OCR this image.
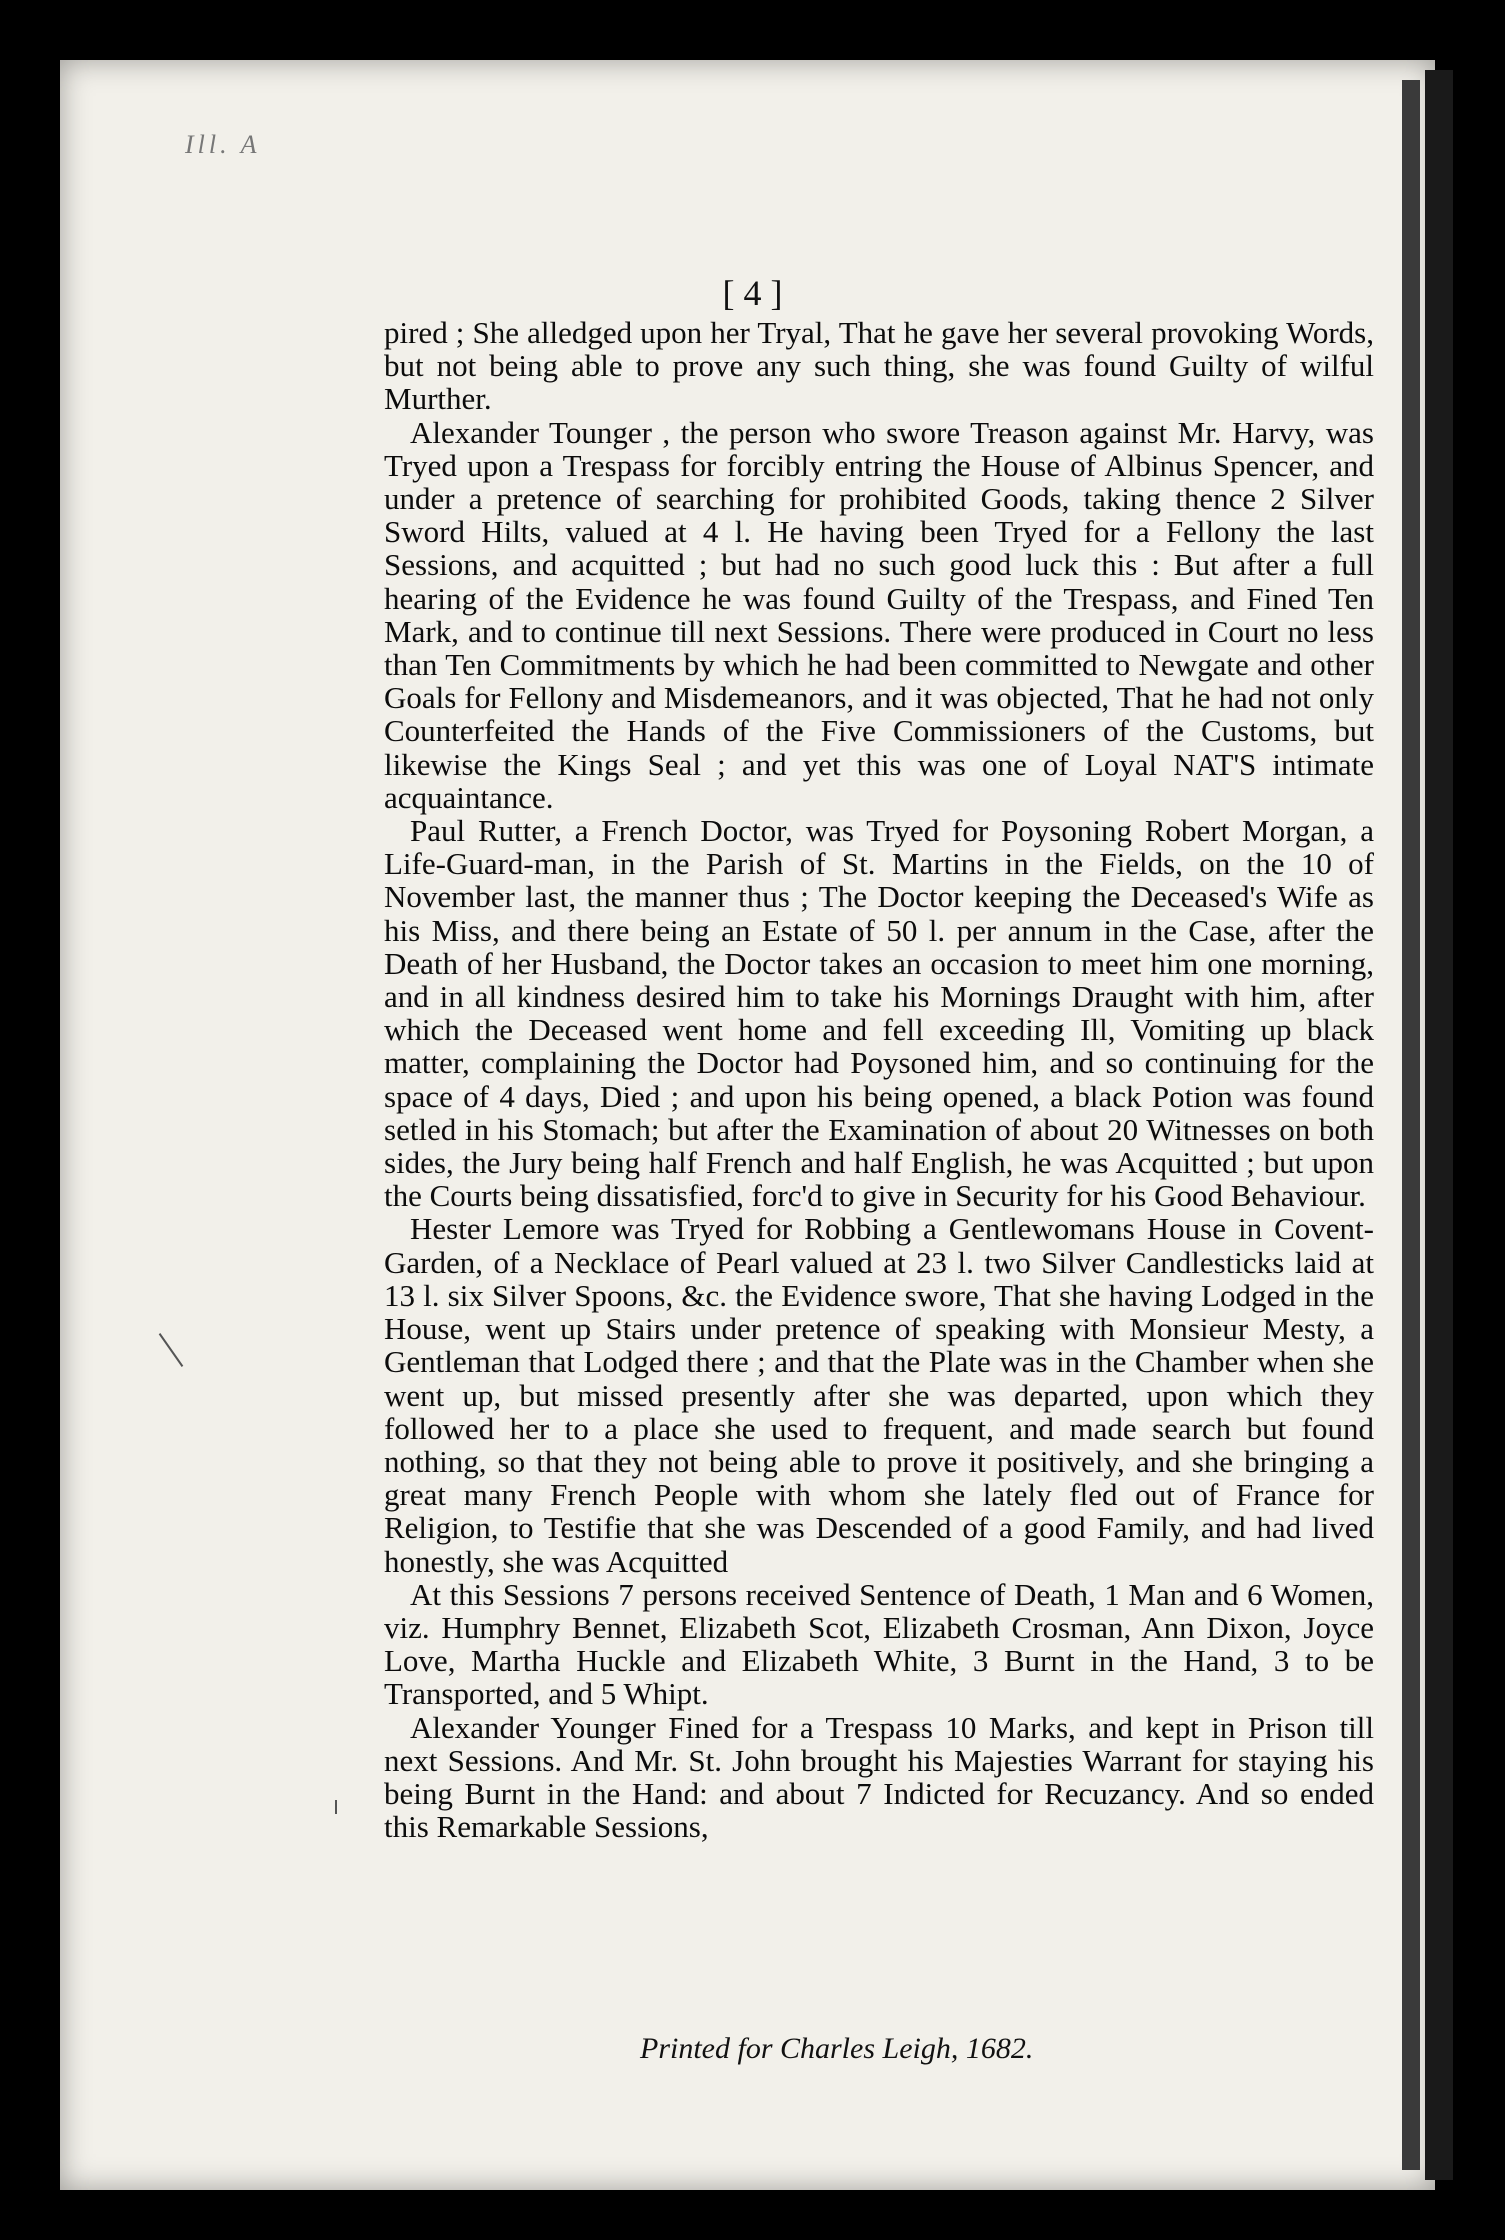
Ill. A
[ 4 ]

pired ; She alledged upon her Tryal, That he gave her several provoking Words, but not being able to prove any such thing, she was found Guilty of wilful Murther.

Alexander Tounger , the person who swore Treason against Mr. Harvy, was Tryed upon a Trespass for forcibly entring the House of Albinus Spencer, and under a pretence of searching for prohibited Goods, taking thence 2 Silver Sword Hilts, valued at 4 l. He having been Tryed for a Fellony the last Sessions, and acquitted ; but had no such good luck this : But after a full hearing of the Evidence he was found Guilty of the Trespass, and Fined Ten Mark, and to continue till next Sessions. There were produced in Court no less than Ten Commitments by which he had been committed to Newgate and other Goals for Fellony and Misdemeanors, and it was objected, That he had not only Counterfeited the Hands of the Five Commissioners of the Customs, but likewise the Kings Seal ; and yet this was one of Loyal NAT'S intimate acquaintance.

Paul Rutter, a French Doctor, was Tryed for Poysoning Robert Morgan, a Life-Guard-man, in the Parish of St. Martins in the Fields, on the 10 of November last, the manner thus ; The Doctor keeping the Deceased's Wife as his Miss, and there being an Estate of 50 l. per annum in the Case, after the Death of her Husband, the Doctor takes an occasion to meet him one morning, and in all kindness desired him to take his Mornings Draught with him, after which the Deceased went home and fell exceeding Ill, Vomiting up black matter, complaining the Doctor had Poysoned him, and so continuing for the space of 4 days, Died ; and upon his being opened, a black Potion was found setled in his Stomach; but after the Examination of about 20 Witnesses on both sides, the Jury being half French and half English, he was Acquitted ; but upon the Courts being dissatisfied, forc'd to give in Security for his Good Behaviour.

Hester Lemore was Tryed for Robbing a Gentlewomans House in Covent-Garden, of a Necklace of Pearl valued at 23 l. two Silver Candlesticks laid at 13 l. six Silver Spoons, &c. the Evidence swore, That she having Lodged in the House, went up Stairs under pretence of speaking with Monsieur Mesty, a Gentleman that Lodged there ; and that the Plate was in the Chamber when she went up, but missed presently after she was departed, upon which they followed her to a place she used to frequent, and made search but found nothing, so that they not being able to prove it positively, and she bringing a great many French People with whom she lately fled out of France for Religion, to Testifie that she was Descended of a good Family, and had lived honestly, she was Acquitted

At this Sessions 7 persons received Sentence of Death, 1 Man and 6 Women, viz. Humphry Bennet, Elizabeth Scot, Elizabeth Crosman, Ann Dixon, Joyce Love, Martha Huckle and Elizabeth White, 3 Burnt in the Hand, 3 to be Transported, and 5 Whipt.

Alexander Younger Fined for a Trespass 10 Marks, and kept in Prison till next Sessions. And Mr. St. John brought his Majesties Warrant for staying his being Burnt in the Hand: and about 7 Indicted for Recuzancy. And so ended this Remarkable Sessions,

Printed for Charles Leigh, 1682.
